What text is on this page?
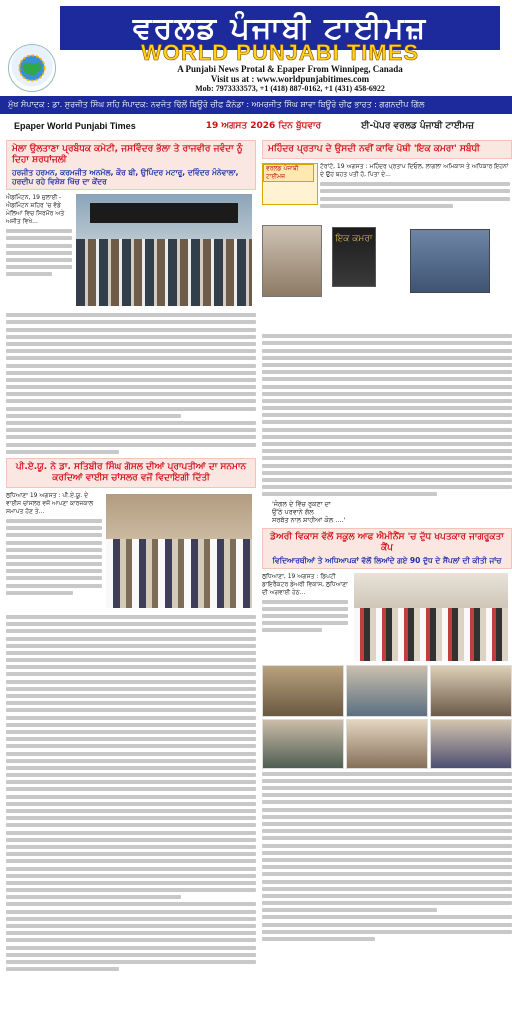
ਵਰਲਡ ਪੰਜਾਬੀ ਟਾਈਮਜ਼
WORLD PUNJABI TIMES
A Punjabi News Protal & Epaper From Winnipeg, Canada
Visit us at : www.worldpunjabitimes.com
Mob: 7973333573, +1 (418) 887-0162, +1 (431) 458-6922
ਮੁੱਖ ਸੰਪਾਦਕ : ਡਾ. ਸੁਰਜੀਤ ਸਿੰਘ ਸਹਿ ਸੰਪਾਦਕ: ਨਵਜੋਤ ਢਿੱਲੋਂ ਬਿਊਰੋ ਚੀਫ ਕੈਨੇਡਾ : ਅਮਰਜੀਤ ਸਿੰਘ ਸ਼ਾਵਾ ਬਿਊਰੋ ਚੀਫ ਭਾਰਤ : ਗਗਨਦੀਪ ਗਿੱਲ
Epaper World Punjabi Times	19 ਅਗਸਤ 2026 ਦਿਨ ਬੁੱਧਵਾਰ	ਈ-ਪੇਪਰ ਵਰਲਡ ਪੰਜਾਬੀ ਟਾਈਮਜ਼
ਮੇਲਾ ਉਲਤਾਣਾ ਪ੍ਰਬੰਧਕ ਕਮੇਟੀ, ਜਸਵਿੰਦਰ ਭੱਲਾ ਤੇ ਰਾਜਵੀਰ ਜਵੰਦਾ ਨੂੰ ਦਿਹਾ ਸ਼ਰਧਾਂਜਲੀ
ਹਰਜੀਤ ਹਰਮਨ, ਕਰਮਜੀਤ ਅਨਮੋਲ, ਕੌਰ ਬੀ, ਉਪਿੰਦਰ ਮਟਾਰੂ, ਦਵਿੰਦਰ ਮੰਨੇਵਾਲਾ, ਹਰਦੀਪ ਰਹੇ ਵਿਸ਼ੇਸ਼ ਖਿੱਚ ਦਾ ਕੇਂਦਰ
ਐਡਮਿੰਟਨ, 19 ਜੁਲਾਈ - ਐਡਮਿੰਟਨ ਸ਼ਹਿਰ 'ਚ ਵੱਡੇ ਮੇਲਿਆਂ ਵਿਚ ਸਿਰਮੌਰ ਅਤੇ ਅਜੀਤ ਵਿਖੇ...
ਪੀ.ਏ.ਯੂ. ਨੇ ਡਾ. ਸਤਿਬੀਰ ਸਿੰਘ ਗੋਸਲ ਦੀਆਂ ਪ੍ਰਾਪਤੀਆਂ ਦਾ ਸਨਮਾਨ ਕਰਦਿਆਂ ਵਾਈਸ ਚਾਂਸਲਰ ਵਜੋਂ ਵਿਦਾਇਗੀ ਦਿੱਤੀ
ਲੁਧਿਆਣਾ 19 ਅਗਸਤ : ਪੀ.ਏ.ਯੂ. ਦੇ ਵਾਈਸ ਚਾਂਸਲਰ ਵਜੋਂ ਆਪਣਾ ਕਾਰਜਕਾਲ ਸਮਾਪਤ ਹੋਣ ਤੇ...
ਮਹਿੰਦਰ ਪ੍ਰਤਾਪ ਦੇ ਉਸਦੀ ਨਵੀਂ ਕਾਵਿ ਪੋਥੀ 'ਇਕ ਕਮਰਾ' ਸਬੰਧੀ
ਵਰਲਡ ਪੰਜਾਬੀ ਟਾਈਮਜ਼
ਟੋਰਾਂਟੋ, 19 ਅਗਸਤ : ਮਹਿੰਦਰ ਪ੍ਰਤਾਪ ਦਿਓਲ, ਲਾਗਲਾ ਅਮਿਕਾਸ ਤੇ ਅਧਿਕਾਰ ਇਹਨਾਂ ਦੇ ਉਹ ਬਹਤ ਪਤੀ ਹੋ, ਪਿਤਾ ਦੇ...
ਇਕ ਕਮਰਾ
'ਜੰਗਲ ਦੇ ਵਿੱਚ ਰੁਕਣਾ ਦਾ
ਉੱਠੇ ਪਰਵਾਨੇ ਗੱਲ
ਸਰਬੱਤ ਨਾਲ ਸ਼ਾਹੀਆਂ ਕੋਲ ....'
ਡੇਅਰੀ ਵਿਕਾਸ ਵੱਲੋਂ ਸਕੂਲ ਆਫ ਐਮੀਨੈਂਸ 'ਚ ਦੁੱਧ ਖਪਤਕਾਰ ਜਾਗਰੂਕਤਾ ਕੈਂਪ
ਵਿਦਿਆਰਥੀਆਂ ਤੇ ਅਧਿਆਪਕਾਂ ਵੱਲੋਂ ਲਿਆਂਦੇ ਗਏ 90 ਦੁੱਧ ਦੇ ਸੈਂਪਲਾਂ ਦੀ ਕੀਤੀ ਜਾਂਚ
ਲੁਧਿਆਣਾ, 19 ਅਗਸਤ : ਡਿਪਟੀ ਡਾਇਰੈਕਟਰ ਡੇਅਰੀ ਵਿਕਾਸ, ਲੁਧਿਆਣਾ ਦੀ ਅਗਵਾਈ ਹੇਠ...
